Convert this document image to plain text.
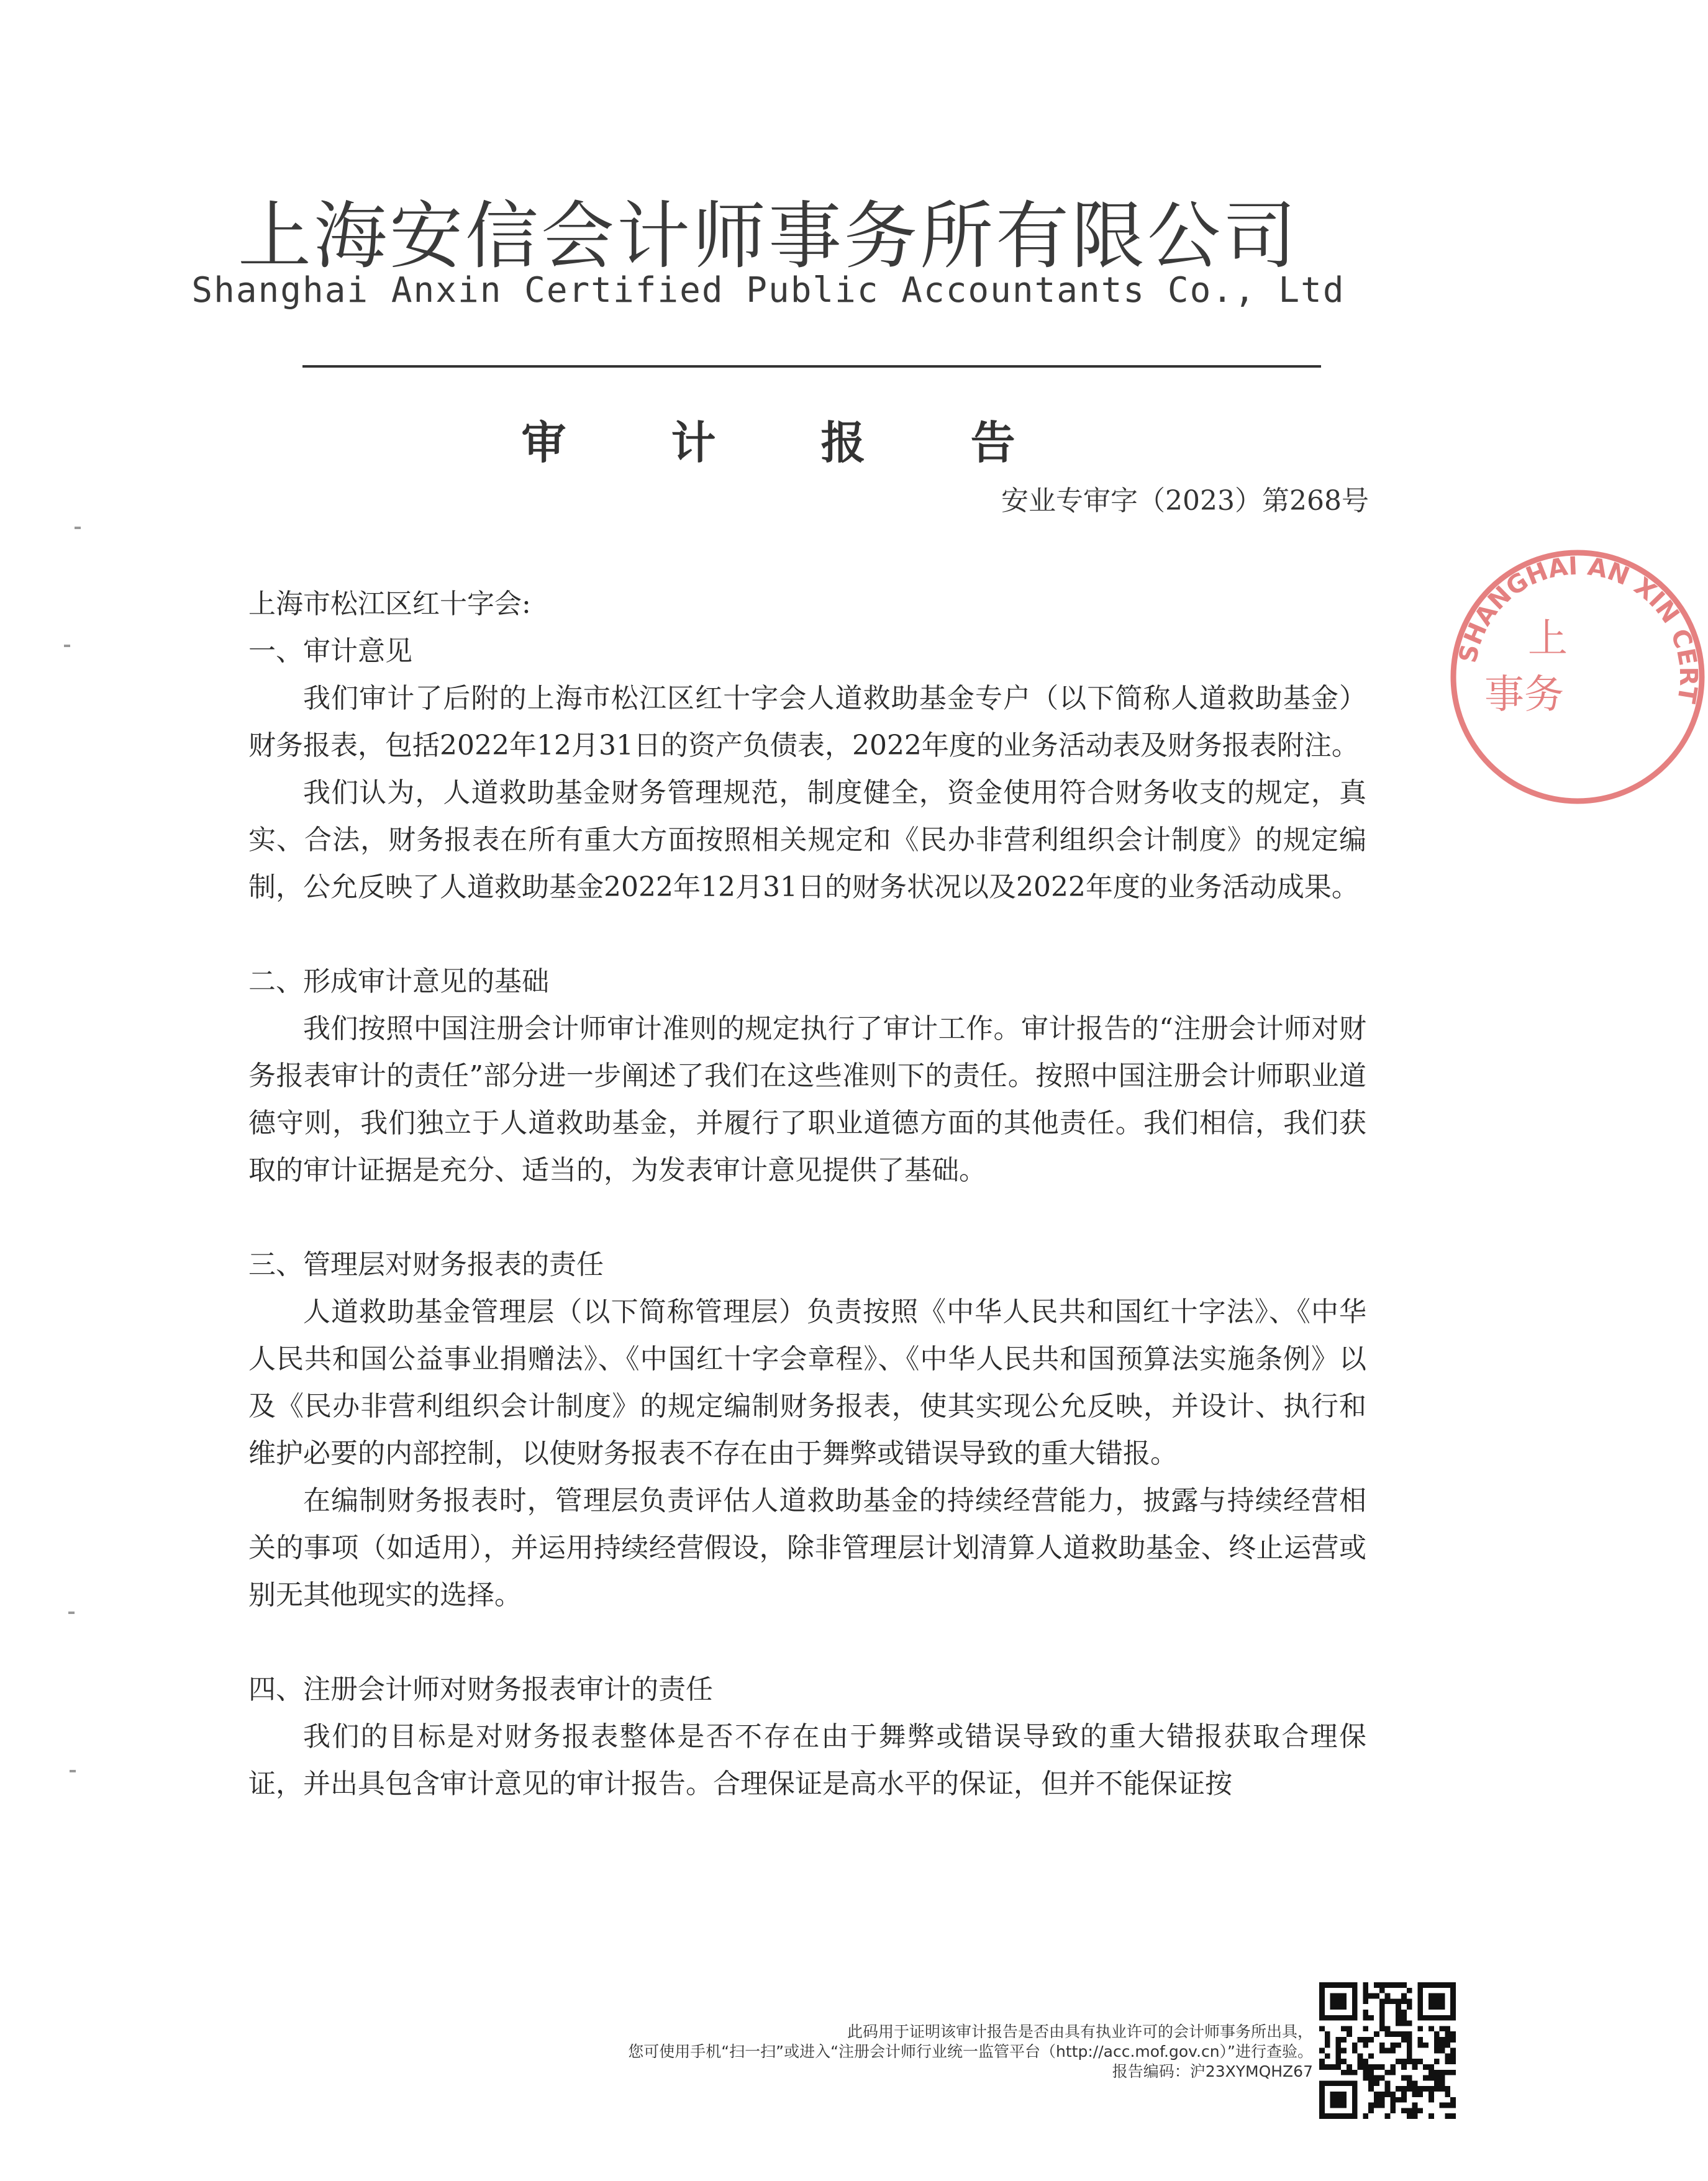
上海安信会计师事务所有限公司
Shanghai Anxin Certified Public Accountants Co., Ltd
审 计 报 告
安业专审字（2023）第268号
SHANGHAI AN XIN CERT
上
事务

上海市松江区红十字会:

一、审计意见

我们审计了后附的上海市松江区红十字会人道救助基金专户（以下简称人道救助基金）财务报表，包括2022年12月31日的资产负债表，2022年度的业务活动表及财务报表附注。

我们认为，人道救助基金财务管理规范，制度健全，资金使用符合财务收支的规定，真实、合法，财务报表在所有重大方面按照相关规定和《民办非营利组织会计制度》的规定编制，公允反映了人道救助基金2022年12月31日的财务状况以及2022年度的业务活动成果。

二、形成审计意见的基础

我们按照中国注册会计师审计准则的规定执行了审计工作。审计报告的“注册会计师对财务报表审计的责任”部分进一步阐述了我们在这些准则下的责任。按照中国注册会计师职业道德守则，我们独立于人道救助基金，并履行了职业道德方面的其他责任。我们相信，我们获取的审计证据是充分、适当的，为发表审计意见提供了基础。

三、管理层对财务报表的责任

人道救助基金管理层（以下简称管理层）负责按照《中华人民共和国红十字法》、《中华人民共和国公益事业捐赠法》、《中国红十字会章程》、《中华人民共和国预算法实施条例》以及《民办非营利组织会计制度》的规定编制财务报表，使其实现公允反映，并设计、执行和维护必要的内部控制，以使财务报表不存在由于舞弊或错误导致的重大错报。

在编制财务报表时，管理层负责评估人道救助基金的持续经营能力，披露与持续经营相关的事项（如适用），并运用持续经营假设，除非管理层计划清算人道救助基金、终止运营或别无其他现实的选择。

四、注册会计师对财务报表审计的责任

我们的目标是对财务报表整体是否不存在由于舞弊或错误导致的重大错报获取合理保证，并出具包含审计意见的审计报告。合理保证是高水平的保证，但并不能保证按

此码用于证明该审计报告是否由具有执业许可的会计师事务所出具，
您可使用手机“扫一扫”或进入“注册会计师行业统一监管平台（http://acc.mof.gov.cn）”进行查验。
报告编码：沪23XYMQHZ67
